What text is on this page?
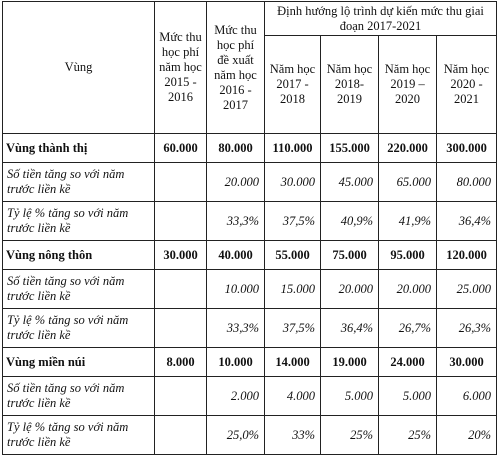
Vùng	Mức thu học phí năm học 2015 - 2016	Mức thu học phí đề xuất năm học 2016 - 2017	Định hướng lộ trình dự kiến mức thu giai đoạn 2017-2021			
			Năm học 2017 - 2018	Năm học 2018-2019	Năm học 2019 – 2020	Năm học 2020 - 2021
Vùng thành thị	60.000	80.000	110.000	155.000	220.000	300.000
Số tiền tăng so với năm trước liền kề		20.000	30.000	45.000	65.000	80.000
Tỷ lệ % tăng so với năm trước liền kề		33,3%	37,5%	40,9%	41,9%	36,4%
Vùng nông thôn	30.000	40.000	55.000	75.000	95.000	120.000
Số tiền tăng so với năm trước liền kề		10.000	15.000	20.000	20.000	25.000
Tỷ lệ % tăng so với năm trước liền kề		33,3%	37,5%	36,4%	26,7%	26,3%
Vùng miền núi	8.000	10.000	14.000	19.000	24.000	30.000
Số tiền tăng so với năm trước liền kề		2.000	4.000	5.000	5.000	6.000
Tỷ lệ % tăng so với năm trước liền kề		25,0%	33%	25%	25%	20%
